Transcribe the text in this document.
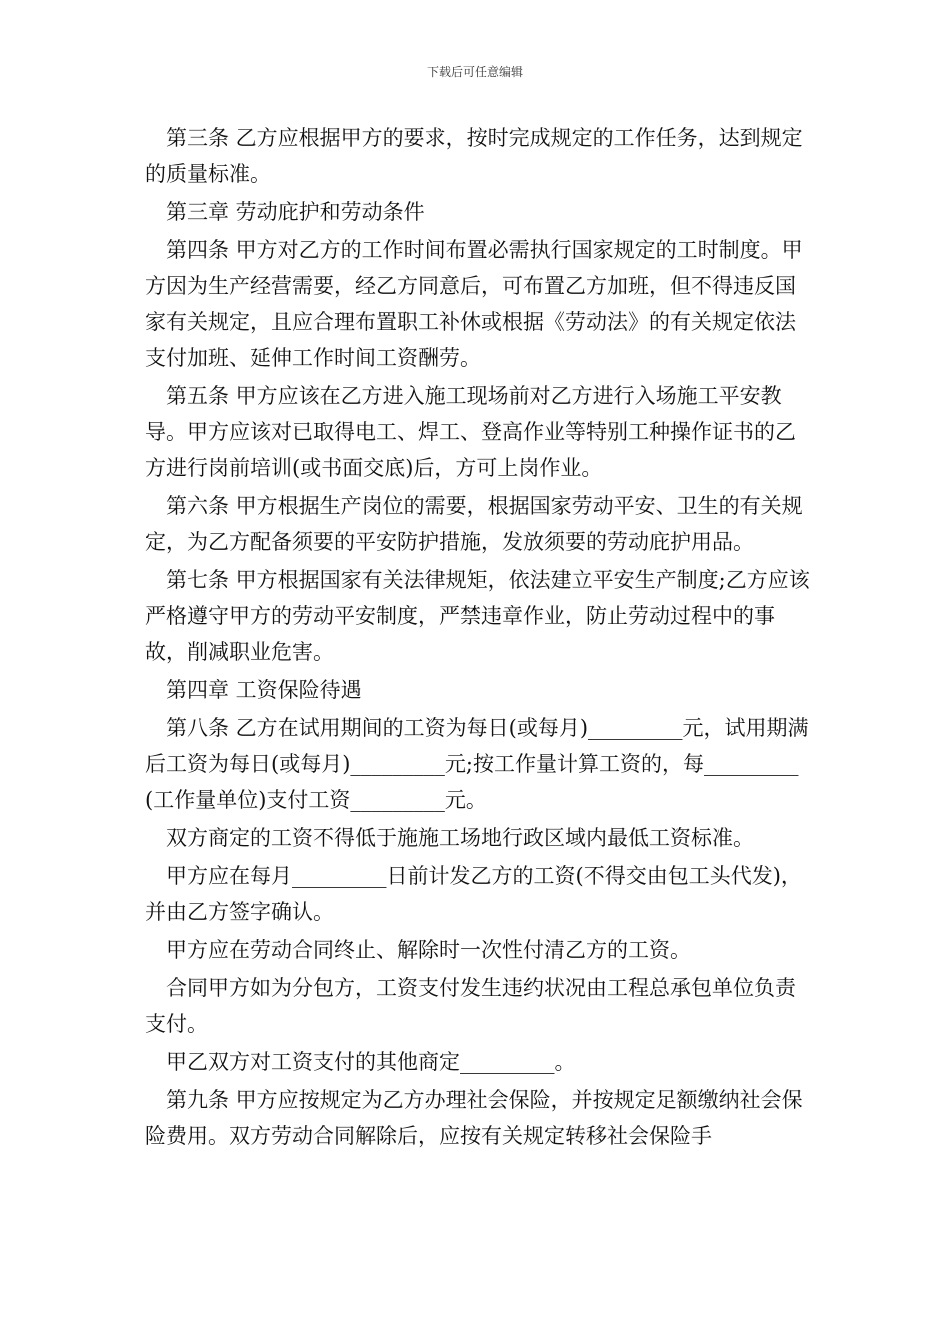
下载后可任意编辑

第三条 乙方应根据甲方的要求，按时完成规定的工作任务，达到规定的质量标准。

第三章 劳动庇护和劳动条件

第四条 甲方对乙方的工作时间布置必需执行国家规定的工时制度。甲方因为生产经营需要，经乙方同意后，可布置乙方加班，但不得违反国家有关规定，且应合理布置职工补休或根据《劳动法》的有关规定依法支付加班、延伸工作时间工资酬劳。

第五条 甲方应该在乙方进入施工现场前对乙方进行入场施工平安教导。甲方应该对已取得电工、焊工、登高作业等特别工种操作证书的乙方进行岗前培训(或书面交底)后，方可上岗作业。

第六条 甲方根据生产岗位的需要，根据国家劳动平安、卫生的有关规定，为乙方配备须要的平安防护措施，发放须要的劳动庇护用品。

第七条 甲方根据国家有关法律规矩，依法建立平安生产制度;乙方应该严格遵守甲方的劳动平安制度，严禁违章作业，防止劳动过程中的事故，削减职业危害。

第四章 工资保险待遇

第八条 乙方在试用期间的工资为每日(或每月)_________元，试用期满后工资为每日(或每月)_________元;按工作量计算工资的，每_________(工作量单位)支付工资_________元。

双方商定的工资不得低于施施工场地行政区域内最低工资标准。

甲方应在每月_________日前计发乙方的工资(不得交由包工头代发)，并由乙方签字确认。

甲方应在劳动合同终止、解除时一次性付清乙方的工资。

合同甲方如为分包方，工资支付发生违约状况由工程总承包单位负责支付。

甲乙双方对工资支付的其他商定_________。

第九条 甲方应按规定为乙方办理社会保险，并按规定足额缴纳社会保险费用。双方劳动合同解除后，应按有关规定转移社会保险手
